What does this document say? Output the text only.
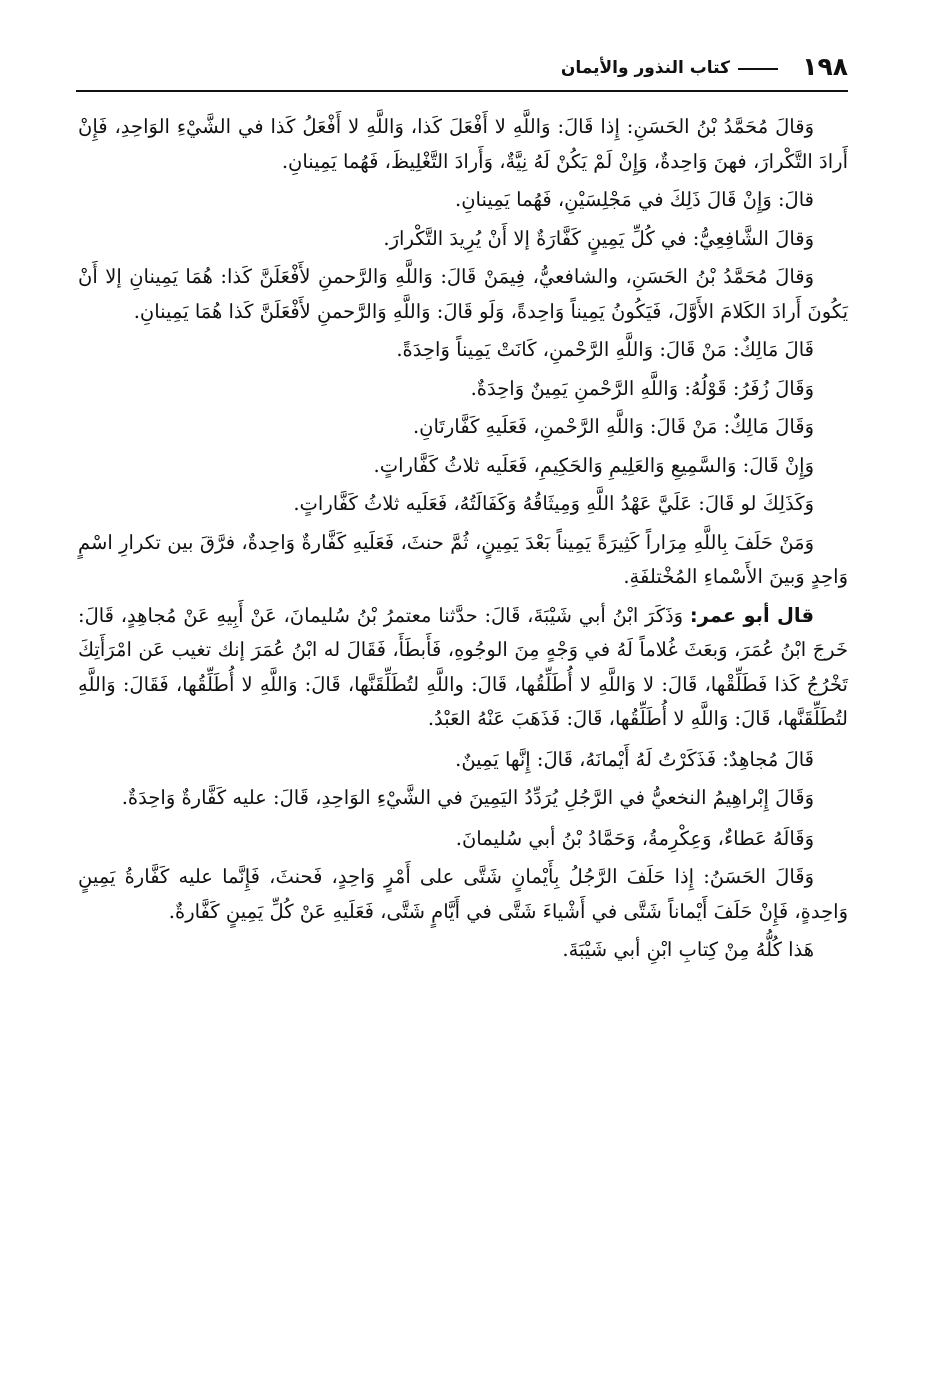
١٩٨
كتاب النذور والأيمان

وَقالَ مُحَمَّدُ بْنُ الحَسَنِ: إِذا قَالَ: وَاللَّهِ لا أَفْعَلَ كَذا، وَاللَّهِ لا أَفْعَلُ كَذا في الشَّيْءِ الوَاحِدِ، فَإِنْ أَرادَ التَّكْرارَ، فهنَ وَاحِدةٌ، وَإِنْ لَمْ يَكُنْ لَهُ نِيَّةٌ، وَأَرادَ التَّغْلِيظَ، فَهُما يَمِينانِ.

قالَ: وَإِنْ قَالَ ذَلِكَ في مَجْلِسَيْنِ، فَهُما يَمِينانِ.

وَقالَ الشَّافِعِيُّ: في كُلِّ يَمِينٍ كَفَّارَةٌ إلا أَنْ يُرِيدَ التَّكْرارَ.

وَقالَ مُحَمَّدُ بْنُ الحَسَنِ، والشافعيُّ، فِيمَنْ قَالَ: وَاللَّهِ وَالرَّحمنِ لأَفْعَلَنَّ كَذا: هُمَا يَمِينانِ إلا أَنْ يَكُونَ أَرادَ الكَلامَ الأَوَّلَ، فَيَكُونُ يَمِيناً وَاحِدةً، وَلَو قَالَ: وَاللَّهِ وَالرَّحمنِ لأَفْعَلَنَّ كَذا هُمَا يَمِينانِ.

قَالَ مَالِكٌ: مَنْ قَالَ: وَاللَّهِ الرَّحْمنِ، كَانَتْ يَمِيناً وَاحِدَةً.

وَقَالَ زُفَرُ: قَوْلُهُ: وَاللَّهِ الرَّحْمنِ يَمِينٌ وَاحِدَةٌ.

وَقَالَ مَالِكٌ: مَنْ قَالَ: وَاللَّهِ الرَّحْمنِ، فَعَلَيهِ كَفَّارتَانِ.

وَإِنْ قَالَ: وَالسَّمِيعِ وَالعَلِيمِ وَالحَكِيمِ، فَعَلَيه ثلاثُ كَفَّاراتٍ.

وَكَذَلِكَ لو قَالَ: عَلَيَّ عَهْدُ اللَّهِ وَمِيثَاقُهُ وَكَفَالَتُهُ، فَعَلَيه ثلاثُ كَفَّاراتٍ.

وَمَنْ حَلَفَ بِاللَّهِ مِرَاراً كَثِيرَةً يَمِيناً بَعْدَ يَمِينٍ، ثُمَّ حنثَ، فَعَلَيهِ كَفَّارةٌ وَاحِدةٌ، فرَّقَ بين تكرارِ اسْمٍ وَاحِدٍ وَبينَ الأَسْماءِ المُخْتلفَةِ.

قال أبو عمر: وَذَكَرَ ابْنُ أبي شَيْبَةَ، قَالَ: حدَّثنا معتمرُ بْنُ سُليمانَ، عَنْ أَبِيهِ عَنْ مُجاهِدٍ، قَالَ: خَرجَ ابْنُ عُمَرَ، وَبعَثَ غُلاماً لَهُ في وَجْهٍ مِنَ الوجُوهِ، فَأَبطَأَ، فَقَالَ له ابْنُ عُمَرَ إنك تغيب عَن امْرَأَتِكَ تَخْرُجُ كَذا فَطَلِّقْها، قَالَ: لا وَاللَّهِ لا أُطَلِّقُها، قَالَ: واللَّهِ لتُطَلِّقَنَّها، قَالَ: وَاللَّهِ لا أُطَلِّقُها، فَقَالَ: وَاللَّهِ لتُطَلِّقَنَّها، قَالَ: وَاللَّهِ لا أُطَلِّقُها، قَالَ: فَذَهَبَ عَنْهُ العَبْدُ.

قَالَ مُجاهِدٌ: فَذَكَرْتُ لَهُ أَيْمانَهُ، قَالَ: إِنَّها يَمِينٌ.

وَقَالَ إِبْراهِيمُ النخعيُّ في الرَّجُلِ يُرَدِّدُ اليَمِينَ في الشَّيْءِ الوَاحِدِ، قَالَ: عليه كَفَّارةٌ وَاحِدَةٌ.

وَقَالَهُ عَطاءٌ، وَعِكْرِمةُ، وَحَمَّادُ بْنُ أبي سُليمانَ.

وَقَالَ الحَسَنُ: إِذا حَلَفَ الرَّجُلُ بِأَيْمانٍ شَتَّى على أَمْرٍ وَاحِدٍ، فَحنثَ، فَإِنَّما عليه كَفَّارةُ يَمِينٍ وَاحِدةٍ، فَإِنْ حَلَفَ أَيْماناً شَتَّى في أَشْياءَ شَتَّى في أَيَّامٍ شَتَّى، فَعَلَيهِ عَنْ كُلِّ يَمِينٍ كَفَّارةٌ.

هَذا كُلُّهُ مِنْ كِتابِ ابْنِ أبي شَيْبَةَ.
